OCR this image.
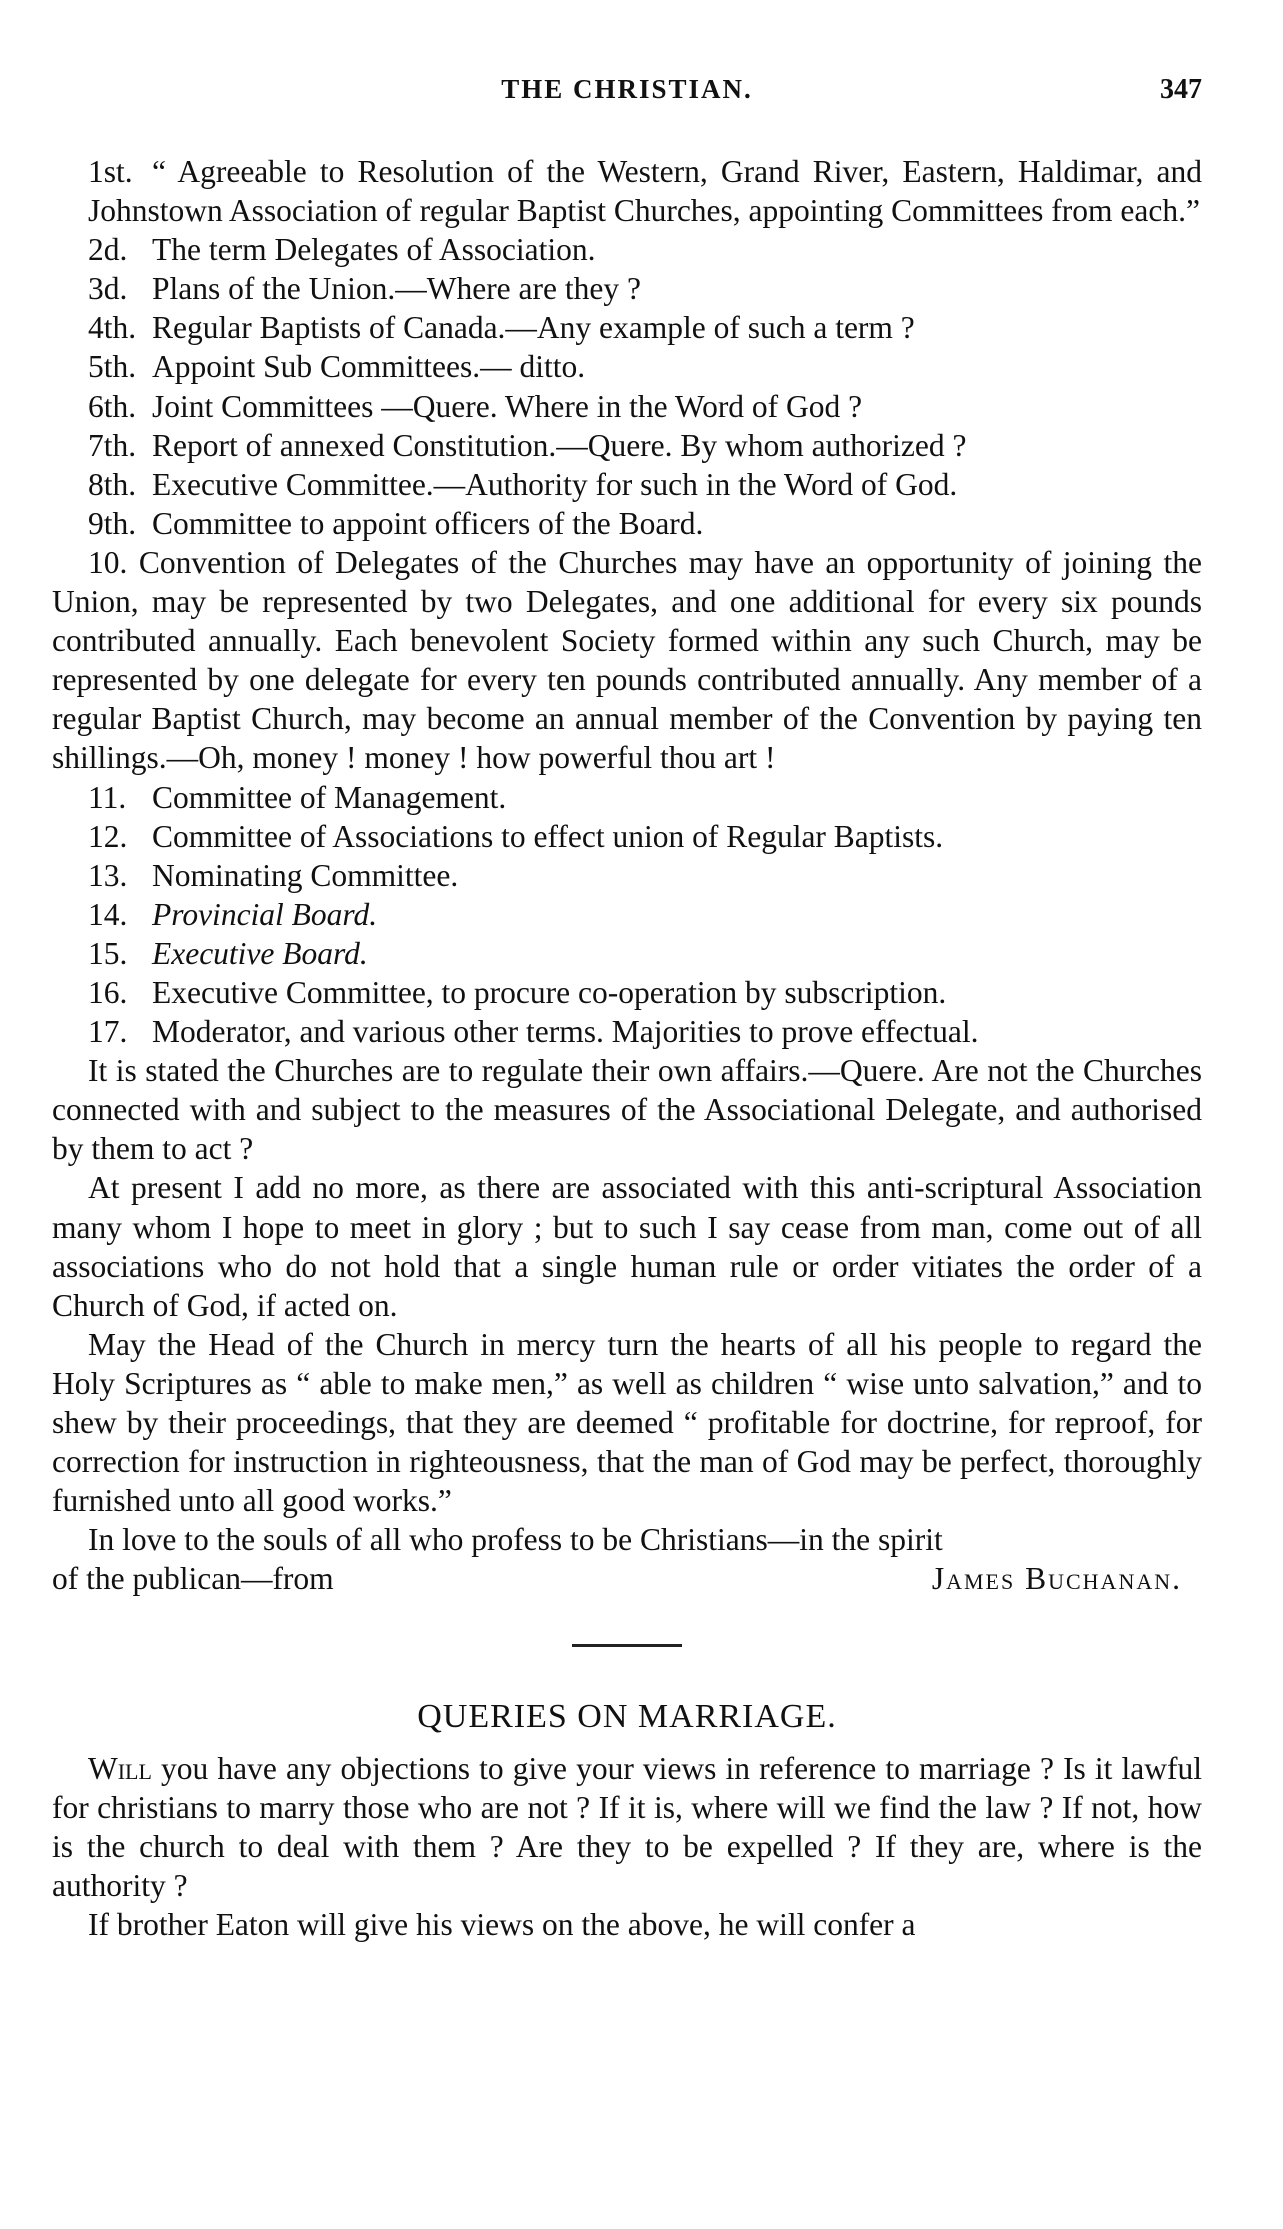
THE CHRISTIAN.	347

1st. “ Agreeable to Resolution of the Western, Grand River, Eastern, Haldimar, and Johnstown Association of regular Baptist Churches, appointing Committees from each.”

2d. The term Delegates of Association.

3d. Plans of the Union.—Where are they ?

4th. Regular Baptists of Canada.—Any example of such a term ?

5th. Appoint Sub Committees.— ditto.

6th. Joint Committees —Quere. Where in the Word of God ?

7th. Report of annexed Constitution.—Quere. By whom authorized ?

8th. Executive Committee.—Authority for such in the Word of God.

9th. Committee to appoint officers of the Board.

10. Convention of Delegates of the Churches may have an opportunity of joining the Union, may be represented by two Delegates, and one additional for every six pounds contributed annually. Each benevolent Society formed within any such Church, may be represented by one delegate for every ten pounds contributed annually. Any member of a regular Baptist Church, may become an annual member of the Convention by paying ten shillings.—Oh, money ! money ! how powerful thou art !

11. Committee of Management.

12. Committee of Associations to effect union of Regular Baptists.

13. Nominating Committee.

14. Provincial Board.

15. Executive Board.

16. Executive Committee, to procure co-operation by subscription.

17. Moderator, and various other terms. Majorities to prove effectual.

It is stated the Churches are to regulate their own affairs.—Quere. Are not the Churches connected with and subject to the measures of the Associational Delegate, and authorised by them to act ?

At present I add no more, as there are associated with this anti-scriptural Association many whom I hope to meet in glory ; but to such I say cease from man, come out of all associations who do not hold that a single human rule or order vitiates the order of a Church of God, if acted on.

May the Head of the Church in mercy turn the hearts of all his people to regard the Holy Scriptures as “ able to make men,” as well as children “ wise unto salvation,” and to shew by their proceedings, that they are deemed “ profitable for doctrine, for reproof, for correction for instruction in righteousness, that the man of God may be perfect, thoroughly furnished unto all good works.”

In love to the souls of all who profess to be Christians—in the spirit

of the publican—from	James Buchanan.
QUERIES ON MARRIAGE.

Will you have any objections to give your views in reference to marriage ? Is it lawful for christians to marry those who are not ? If it is, where will we find the law ? If not, how is the church to deal with them ? Are they to be expelled ? If they are, where is the authority ?

If brother Eaton will give his views on the above, he will confer a
